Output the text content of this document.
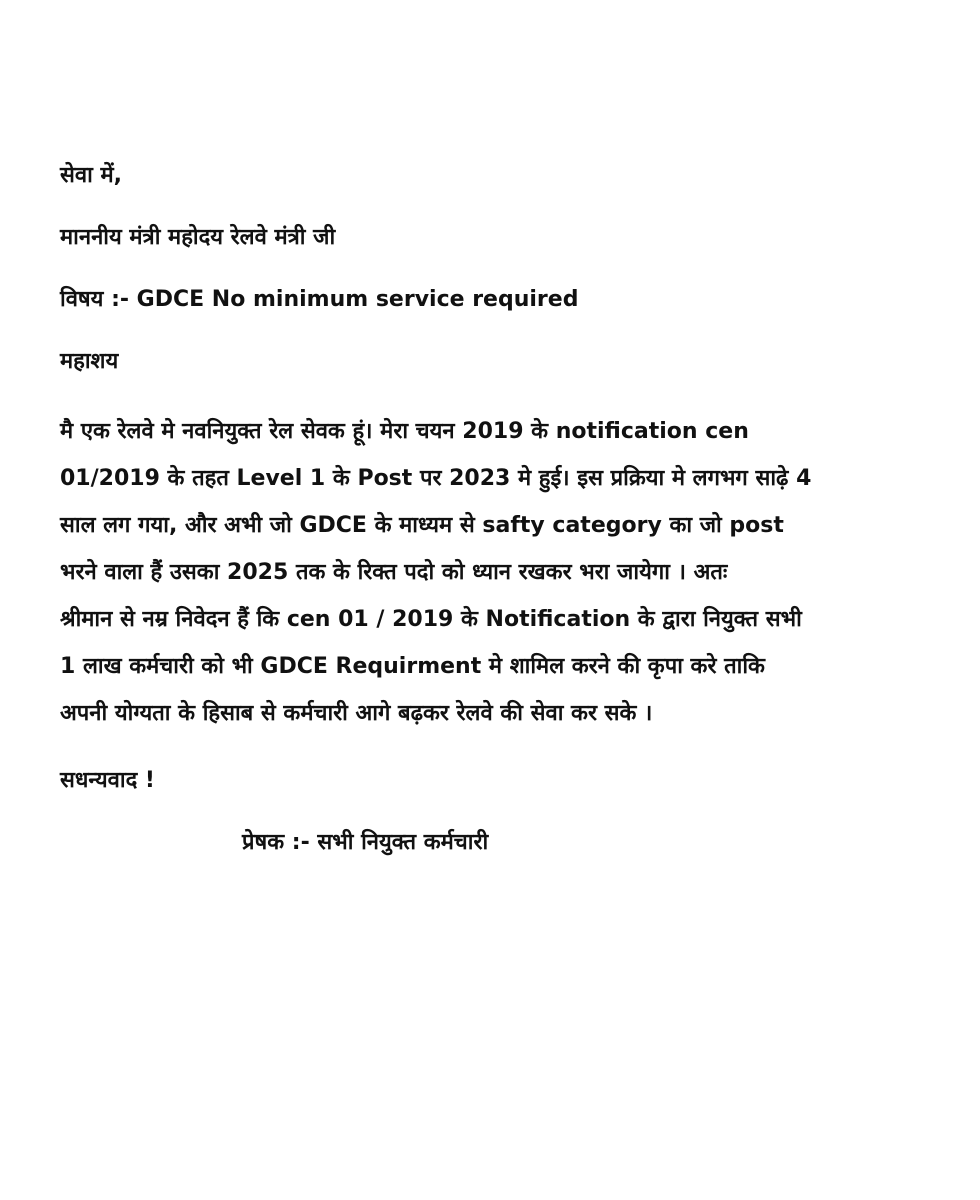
सेवा में,

माननीय मंत्री महोदय रेलवे मंत्री जी

विषय :- GDCE No minimum service required

महाशय

मै एक रेलवे मे नवनियुक्त रेल सेवक हूं। मेरा चयन 2019 के notification cen
01/2019 के तहत Level 1 के Post पर 2023 मे हुई। इस प्रक्रिया मे लगभग साढ़े 4
साल लग गया, और अभी जो GDCE के माध्यम से safty category का जो post
भरने वाला हैं उसका 2025 तक के रिक्त पदो को ध्यान रखकर भरा जायेगा । अतः
श्रीमान से नम्र निवेदन हैं कि cen 01 / 2019 के Notification के द्वारा नियुक्त सभी
1 लाख कर्मचारी को भी GDCE Requirment मे शामिल करने की कृपा करे ताकि
अपनी योग्यता के हिसाब से कर्मचारी आगे बढ़कर रेलवे की सेवा कर सके ।

सधन्यवाद !

प्रेषक :- सभी नियुक्त कर्मचारी
